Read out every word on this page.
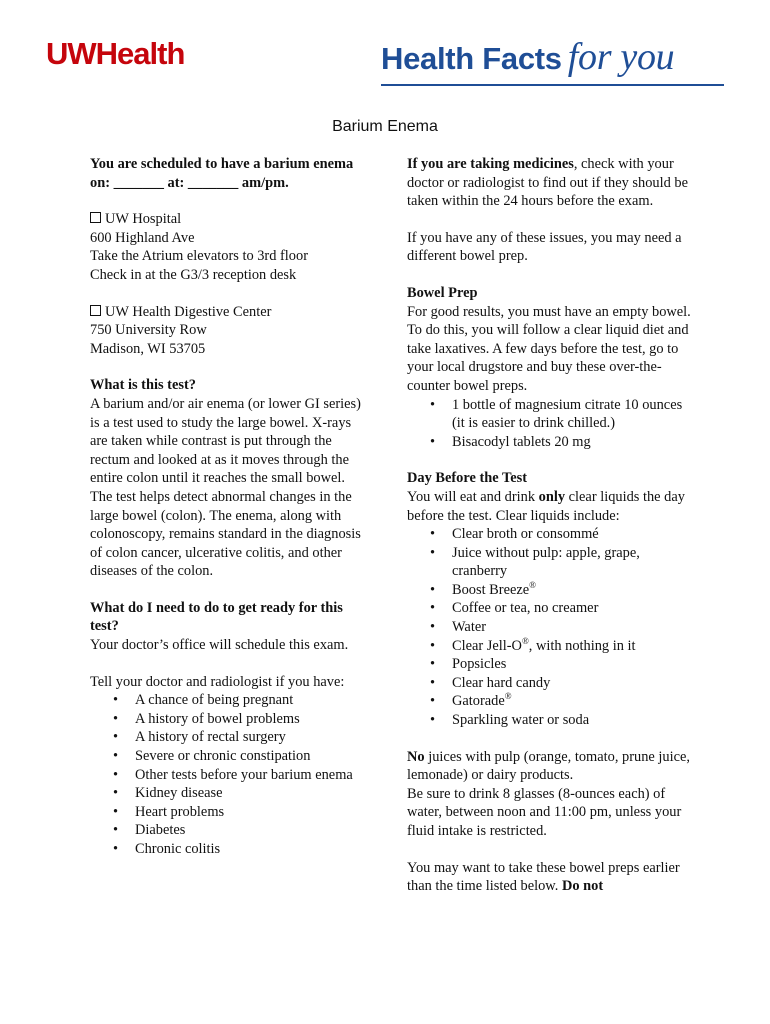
UWHealth	Health Facts for you
Barium Enema

You are scheduled to have a barium enema on: _______ at: _______ am/pm.

UW Hospital

600 Highland Ave

Take the Atrium elevators to 3rd floor

Check in at the G3/3 reception desk

UW Health Digestive Center

750 University Row

Madison, WI 53705

What is this test?

A barium and/or air enema (or lower GI series) is a test used to study the large bowel. X-rays are taken while contrast is put through the rectum and looked at as it moves through the entire colon until it reaches the small bowel. The test helps detect abnormal changes in the large bowel (colon). The enema, along with colonoscopy, remains standard in the diagnosis of colon cancer, ulcerative colitis, and other diseases of the colon.

What do I need to do to get ready for this test?

Your doctor’s office will schedule this exam.

Tell your doctor and radiologist if you have:

• A chance of being pregnant
• A history of bowel problems
• A history of rectal surgery
• Severe or chronic constipation
• Other tests before your barium enema
• Kidney disease
• Heart problems
• Diabetes
• Chronic colitis

If you are taking medicines, check with your doctor or radiologist to find out if they should be taken within the 24 hours before the exam.

If you have any of these issues, you may need a different bowel prep.

Bowel Prep

For good results, you must have an empty bowel. To do this, you will follow a clear liquid diet and take laxatives. A few days before the test, go to your local drugstore and buy these over-the-counter bowel preps.

• 1 bottle of magnesium citrate 10 ounces (it is easier to drink chilled.)
• Bisacodyl tablets 20 mg

Day Before the Test

You will eat and drink only clear liquids the day before the test. Clear liquids include:

• Clear broth or consommé
• Juice without pulp: apple, grape, cranberry
• Boost Breeze®
• Coffee or tea, no creamer
• Water
• Clear Jell-O®, with nothing in it
• Popsicles
• Clear hard candy
• Gatorade®
• Sparkling water or soda

No juices with pulp (orange, tomato, prune juice, lemonade) or dairy products.

Be sure to drink 8 glasses (8-ounces each) of water, between noon and 11:00 pm, unless your fluid intake is restricted.

You may want to take these bowel preps earlier than the time listed below. Do not
